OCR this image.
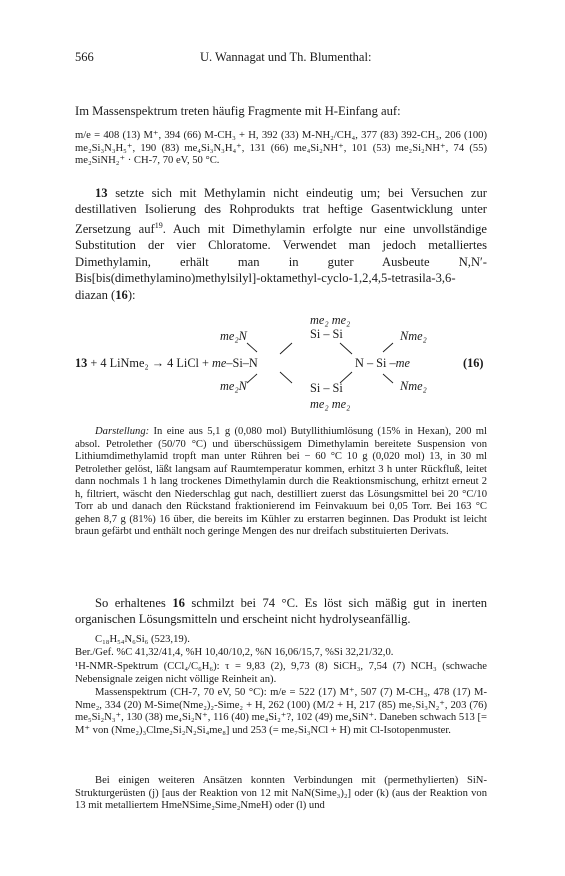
566	U. Wannagat und Th. Blumenthal:

Im Massenspektrum treten häufig Fragmente mit H-Einfang auf:

m/e = 408 (13) M⁺, 394 (66) M-CH₃ + H, 392 (33) M-NH₂/CH₄, 377 (83) 392-CH₃, 206 (100) me₂Si₃N₃H₅⁺, 190 (83) me₄Si₃N₃H₄⁺, 131 (66) me₄Si₂NH⁺, 101 (53) me₂Si₂NH⁺, 74 (55) me₂SiNH₂⁺ · CH-7, 70 eV, 50 °C.

13 setzte sich mit Methylamin nicht eindeutig um; bei Versuchen zur destillativen Isolierung des Rohprodukts trat heftige Gasentwicklung unter Zersetzung auf$^{19}$. Auch mit Dimethylamin erfolgte nur eine unvollständige Substitution der vier Chloratome. Verwendet man jedoch metalliertes Dimethylamin, erhält man in guter Ausbeute N,N′-Bis[bis(dimethylamino)methylsilyl]-oktamethyl-cyclo-1,2,4,5-tetrasila-3,6-diazan (16):

me₂ me₂
me₂N	Si – Si	Nme₂
13 + 4 LiNme₂ → 4 LiCl + me–Si–N	N – Si –me	(16)
me₂N	Si – Si	Nme₂
me₂ me₂

Darstellung: In eine aus 5,1 g (0,080 mol) Butyllithiumlösung (15% in Hexan), 200 ml absol. Petrolether (50/70 °C) und überschüssigem Dimethylamin bereitete Suspension von Lithiumdimethylamid tropft man unter Rühren bei − 60 °C 10 g (0,020 mol) 13, in 30 ml Petrolether gelöst, läßt langsam auf Raumtemperatur kommen, erhitzt 3 h unter Rückfluß, leitet dann nochmals 1 h lang trockenes Dimethylamin durch die Reaktionsmischung, erhitzt erneut 2 h, filtriert, wäscht den Niederschlag gut nach, destilliert zuerst das Lösungsmittel bei 20 °C/10 Torr ab und danach den Rückstand fraktionierend im Feinvakuum bei 0,05 Torr. Bei 163 °C gehen 8,7 g (81%) 16 über, die bereits im Kühler zu erstarren beginnen. Das Produkt ist leicht braun gefärbt und enthält noch geringe Mengen des nur dreifach substituierten Derivats.

So erhaltenes 16 schmilzt bei 74 °C. Es löst sich mäßig gut in inerten organischen Lösungsmitteln und erscheint nicht hydrolyseanfällig.

C₁₈H₅₄N₆Si₆ (523,19).

Ber./Gef. %C 41,32/41,4, %H 10,40/10,2, %N 16,06/15,7, %Si 32,21/32,0.

¹H-NMR-Spektrum (CCl₄/C₆H₆): τ = 9,83 (2), 9,73 (8) SiCH₃, 7,54 (7) NCH₃ (schwache Nebensignale zeigen nicht völlige Reinheit an).

Massenspektrum (CH-7, 70 eV, 50 °C): m/e = 522 (17) M⁺, 507 (7) M-CH₃, 478 (17) M-Nme₂, 334 (20) M-Sime(Nme₂)₂-Sime₂ + H, 262 (100) (M/2 + H, 217 (85) me₇Si₃N₂⁺, 203 (76) me₅Si₂N₃⁺, 130 (38) me₄Si₂N⁺, 116 (40) me₄Si₂⁺?, 102 (49) me₄SiN⁺. Daneben schwach 513 [= M⁺ von (Nme₂)₃Clme₂Si₂N₂Si₄me₈] und 253 (= me₇Si₃NCl + H) mit Cl-Isotopenmuster.

Bei einigen weiteren Ansätzen konnten Verbindungen mit (permethylierten) SiN-Strukturgerüsten (j) [aus der Reaktion von 12 mit NaN(Sime₃)₂] oder (k) (aus der Reaktion von 13 mit metalliertem HmeNSime₂Sime₂NmeH) oder (l) und
